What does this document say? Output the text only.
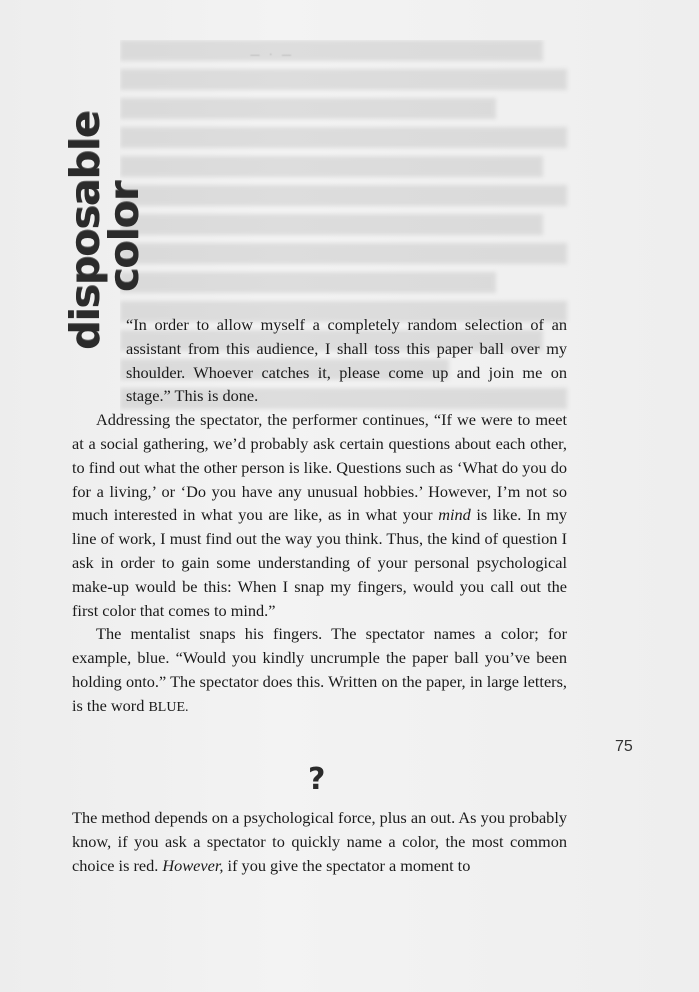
— · —
disposable
color

“In order to allow myself a completely random selection of an assistant from this audience, I shall toss this paper ball over my shoulder. Whoever catches it, please come up and join me on stage.” This is done.

Addressing the spectator, the performer continues, “If we were to meet at a social gathering, we’d probably ask certain questions about each other, to find out what the other person is like. Questions such as ‘What do you do for a living,’ or ‘Do you have any unusual hobbies.’ However, I’m not so much interested in what you are like, as in what your mind is like. In my line of work, I must find out the way you think. Thus, the kind of question I ask in order to gain some understanding of your personal psychological make-up would be this: When I snap my fingers, would you call out the first color that comes to mind.”

The mentalist snaps his fingers. The spectator names a color; for example, blue. “Would you kindly uncrumple the paper ball you’ve been holding onto.” The spectator does this. Written on the paper, in large letters, is the word BLUE.

?

The method depends on a psychological force, plus an out. As you probably know, if you ask a spectator to quickly name a color, the most common choice is red. However, if you give the spectator a moment to

75
